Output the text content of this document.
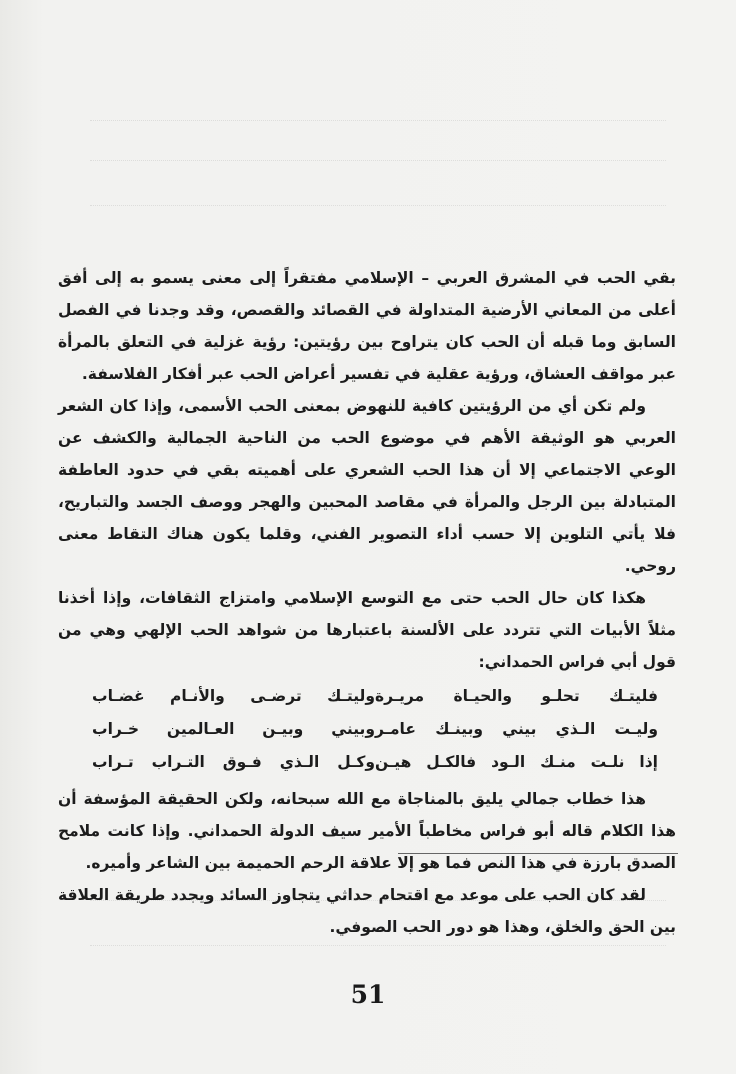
بقي الحب في المشرق العربي – الإسلامي مفتقراً إلى معنى يسمو به إلى أفق أعلى من المعاني الأرضية المتداولة في القصائد والقصص، وقد وجدنا في الفصل السابق وما قبله أن الحب كان يتراوح بين رؤيتين: رؤية غزلية في التعلق بالمرأة عبر مواقف العشاق، ورؤية عقلية في تفسير أعراض الحب عبر أفكار الفلاسفة.

ولم تكن أي من الرؤيتين كافية للنهوض بمعنى الحب الأسمى، وإذا كان الشعر العربي هو الوثيقة الأهم في موضوع الحب من الناحية الجمالية والكشف عن الوعي الاجتماعي إلا أن هذا الحب الشعري على أهميته بقي في حدود العاطفة المتبادلة بين الرجل والمرأة في مقاصد المحبين والهجر ووصف الجسد والتباريح، فلا يأتي التلوين إلا حسب أداء التصوير الفني، وقلما يكون هناك التقاط معنى روحي.

هكذا كان حال الحب حتى مع التوسع الإسلامي وامتزاج الثقافات، وإذا أخذنا مثلاً الأبيات التي تتردد على الألسنة باعتبارها من شواهد الحب الإلهي وهي من قول أبي فراس الحمداني:

فليتـك تحلـو والحيـاة مريـرة
وليتـك ترضـى والأنـام غضـاب
وليـت الـذي بيني وبينـك عامـر
وبيني وبيـن العـالمين خـراب
إذا نلـت منـك الـود فالكـل هيـن
وكـل الـذي فـوق التـراب تـراب

هذا خطاب جمالي يليق بالمناجاة مع الله سبحانه، ولكن الحقيقة المؤسفة أن هذا الكلام قاله أبو فراس مخاطباً الأمير سيف الدولة الحمداني. وإذا كانت ملامح الصدق بارزة في هذا النص فما هو إلا علاقة الرحم الحميمة بين الشاعر وأميره.

لقد كان الحب على موعد مع اقتحام حداثي يتجاوز السائد ويجدد طريقة العلاقة بين الحق والخلق، وهذا هو دور الحب الصوفي.

51
